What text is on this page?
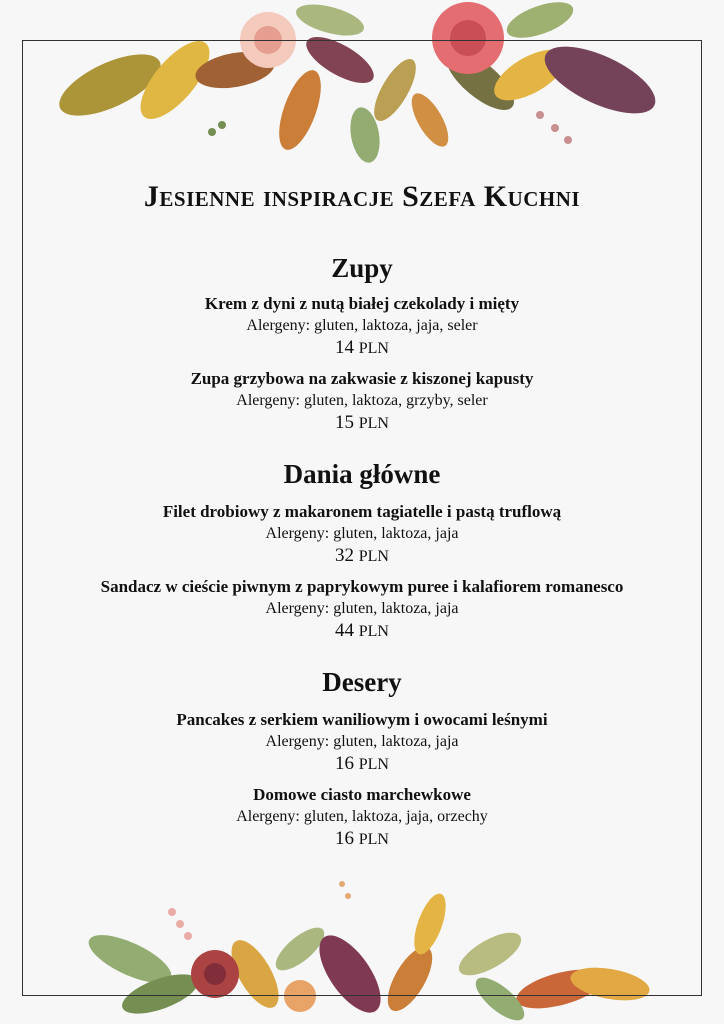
Jesienne inspiracje Szefa Kuchni
Zupy
Krem z dyni z nutą białej czekolady i mięty
Alergeny: gluten, laktoza, jaja, seler
14 PLN
Zupa grzybowa na zakwasie z kiszonej kapusty
Alergeny: gluten, laktoza, grzyby, seler
15 PLN
Dania główne
Filet drobiowy z makaronem tagiatelle i pastą truflową
Alergeny: gluten, laktoza, jaja
32 PLN
Sandacz w cieście piwnym z paprykowym puree i kalafiorem romanesco
Alergeny: gluten, laktoza, jaja
44 PLN
Desery
Pancakes z serkiem waniliowym i owocami leśnymi
Alergeny: gluten, laktoza, jaja
16 PLN
Domowe ciasto marchewkowe
Alergeny: gluten, laktoza, jaja, orzechy
16 PLN
